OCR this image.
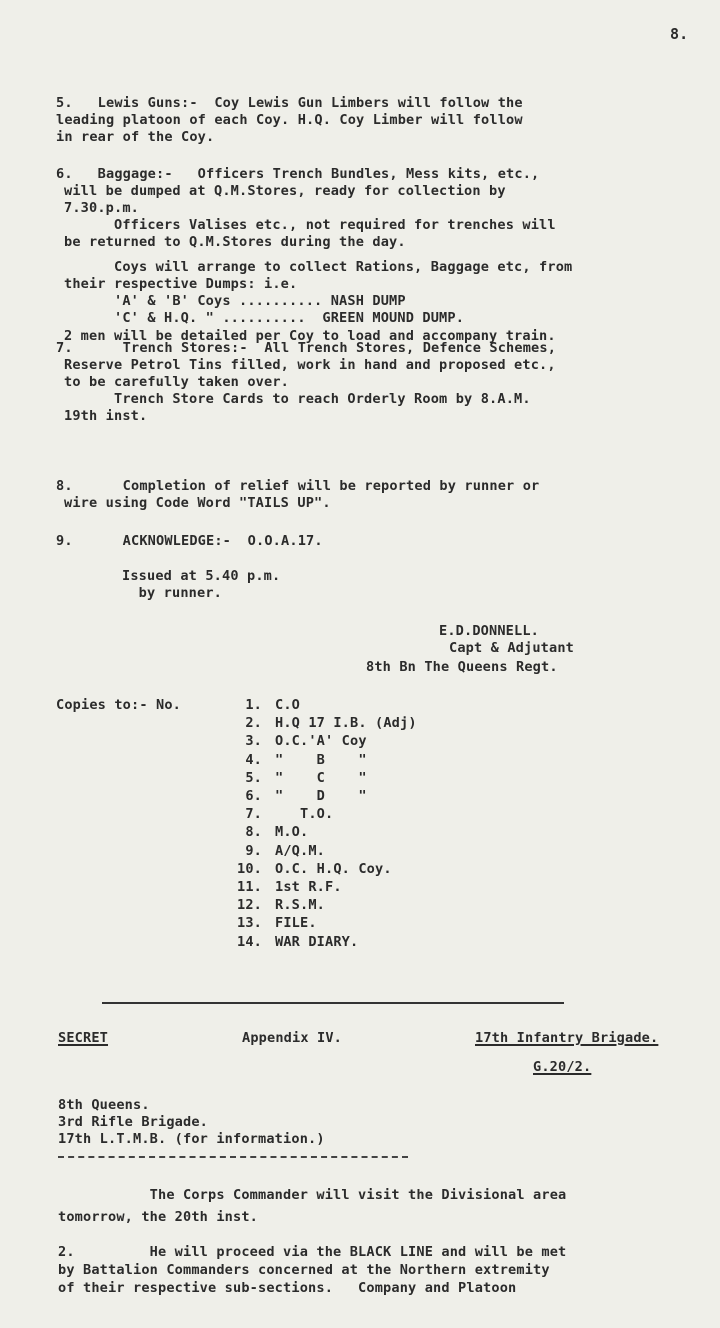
8.
5.   Lewis Guns:-  Coy Lewis Gun Limbers will follow the
leading platoon of each Coy. H.Q. Coy Limber will follow
in rear of the Coy.
6.   Baggage:-   Officers Trench Bundles, Mess kits, etc.,
will be dumped at Q.M.Stores, ready for collection by
7.30.p.m.
Officers Valises etc., not required for trenches will
be returned to Q.M.Stores during the day.
Coys will arrange to collect Rations, Baggage etc, from
their respective Dumps: i.e.
'A' & 'B' Coys .......... NASH DUMP
'C' & H.Q. " ..........  GREEN MOUND DUMP.
2 men will be detailed per Coy to load and accompany train.
7.      Trench Stores:-  All Trench Stores, Defence Schemes,
Reserve Petrol Tins filled, work in hand and proposed etc.,
to be carefully taken over.
Trench Store Cards to reach Orderly Room by 8.A.M.
19th inst.
8.      Completion of relief will be reported by runner or
wire using Code Word "TAILS UP".
9.      ACKNOWLEDGE:-  O.O.A.17.
Issued at 5.40 p.m.
by runner.
E.D.DONNELL.
Capt & Adjutant
8th Bn The Queens Regt.
Copies to:- No.	1. C.O
2. H.Q 17 I.B. (Adj)
3. O.C.'A' Coy
4. "    B    "
5. "    C    "
6. "    D    "
7. T.O.
8. M.O.
9. A/Q.M.
10. O.C. H.Q. Coy.
11. 1st R.F.
12. R.S.M.
13. FILE.
14. WAR DIARY.
SECRET	Appendix IV.	17th Infantry Brigade.
G.20/2.
8th Queens.
3rd Rifle Brigade.
17th L.T.M.B. (for information.)
The Corps Commander will visit the Divisional area
tomorrow, the 20th inst.
2.         He will proceed via the BLACK LINE and will be met
by Battalion Commanders concerned at the Northern extremity
of their respective sub-sections.   Company and Platoon
